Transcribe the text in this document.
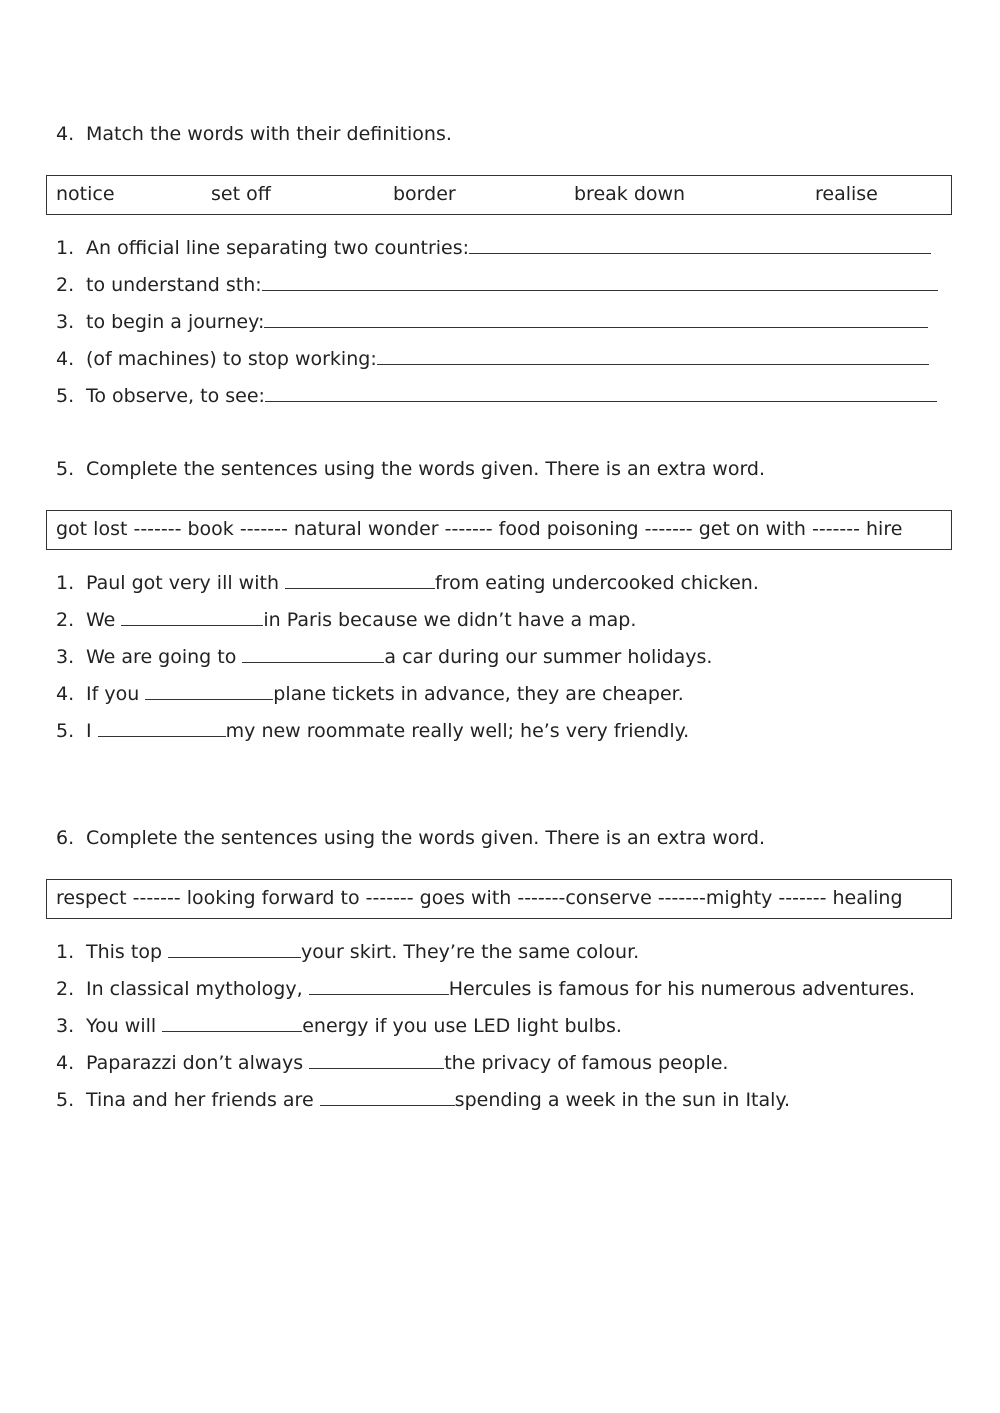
4. Match the words with their definitions.
notice	set off	border	break down	realise
1. An official line separating two countries:
2. to understand sth:
3. to begin a journey:
4. (of machines) to stop working:
5. To observe, to see:
5. Complete the sentences using the words given. There is an extra word.
got lost ------- book ------- natural wonder ------- food poisoning ------- get on with ------- hire
1. Paul got very ill with	from eating undercooked chicken.
2. We	in Paris because we didn’t have a map.
3. We are going to	a car during our summer holidays.
4. If you	plane tickets in advance, they are cheaper.
5. I	my new roommate really well; he’s very friendly.
6. Complete the sentences using the words given. There is an extra word.
respect ------- looking forward to ------- goes with -------conserve -------mighty ------- healing
1. This top	your skirt. They’re the same colour.
2. In classical mythology,	Hercules is famous for his numerous adventures.
3. You will	energy if you use LED light bulbs.
4. Paparazzi don’t always	the privacy of famous people.
5. Tina and her friends are	spending a week in the sun in Italy.
